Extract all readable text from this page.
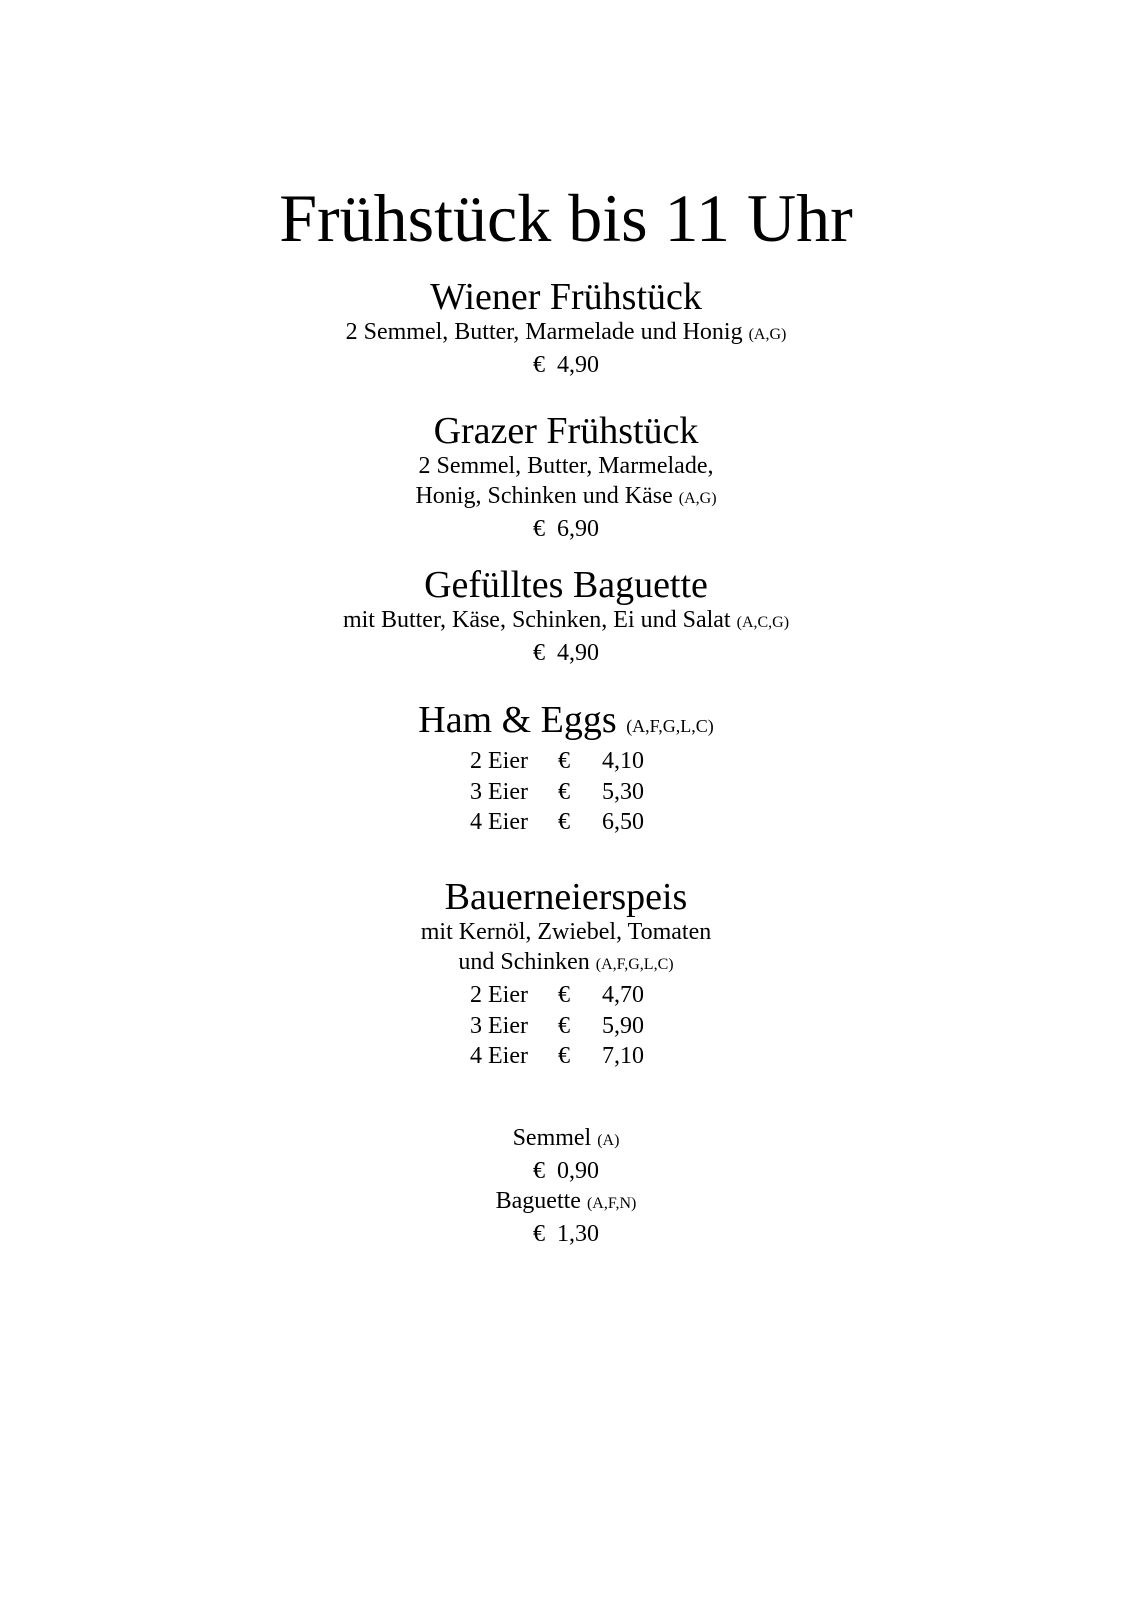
Frühstück bis 11 Uhr
Wiener Frühstück
2 Semmel, Butter, Marmelade und Honig (A,G)
€ 4,90
Grazer Frühstück
2 Semmel, Butter, Marmelade,
Honig, Schinken und Käse (A,G)
€ 6,90
Gefülltes Baguette
mit Butter, Käse, Schinken, Ei und Salat (A,C,G)
€ 4,90
Ham & Eggs (A,F,G,L,C)
2 Eier	€	4,10
3 Eier	€	5,30
4 Eier	€	6,50
Bauerneierspeis
mit Kernöl, Zwiebel, Tomaten
und Schinken (A,F,G,L,C)
2 Eier	€	4,70
3 Eier	€	5,90
4 Eier	€	7,10
Semmel (A)
€ 0,90
Baguette (A,F,N)
€ 1,30
